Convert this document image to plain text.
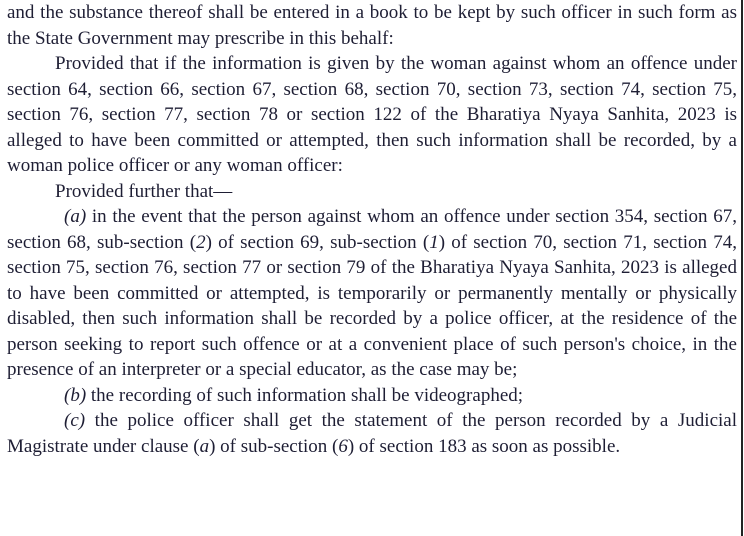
and the substance thereof shall be entered in a book to be kept by such officer in such form as the State Government may prescribe in this behalf:

Provided that if the information is given by the woman against whom an offence under section 64, section 66, section 67, section 68, section 70, section 73, section 74, section 75, section 76, section 77, section 78 or section 122 of the Bharatiya Nyaya Sanhita, 2023 is alleged to have been committed or attempted, then such information shall be recorded, by a woman police officer or any woman officer:

Provided further that—

(a) in the event that the person against whom an offence under section 354, section 67, section 68, sub-section (2) of section 69, sub-section (1) of section 70, section 71, section 74, section 75, section 76, section 77 or section 79 of the Bharatiya Nyaya Sanhita, 2023 is alleged to have been committed or attempted, is temporarily or permanently mentally or physically disabled, then such information shall be recorded by a police officer, at the residence of the person seeking to report such offence or at a convenient place of such person's choice, in the presence of an interpreter or a special educator, as the case may be;

(b) the recording of such information shall be videographed;

(c) the police officer shall get the statement of the person recorded by a Judicial Magistrate under clause (a) of sub-section (6) of section 183 as soon as possible.
